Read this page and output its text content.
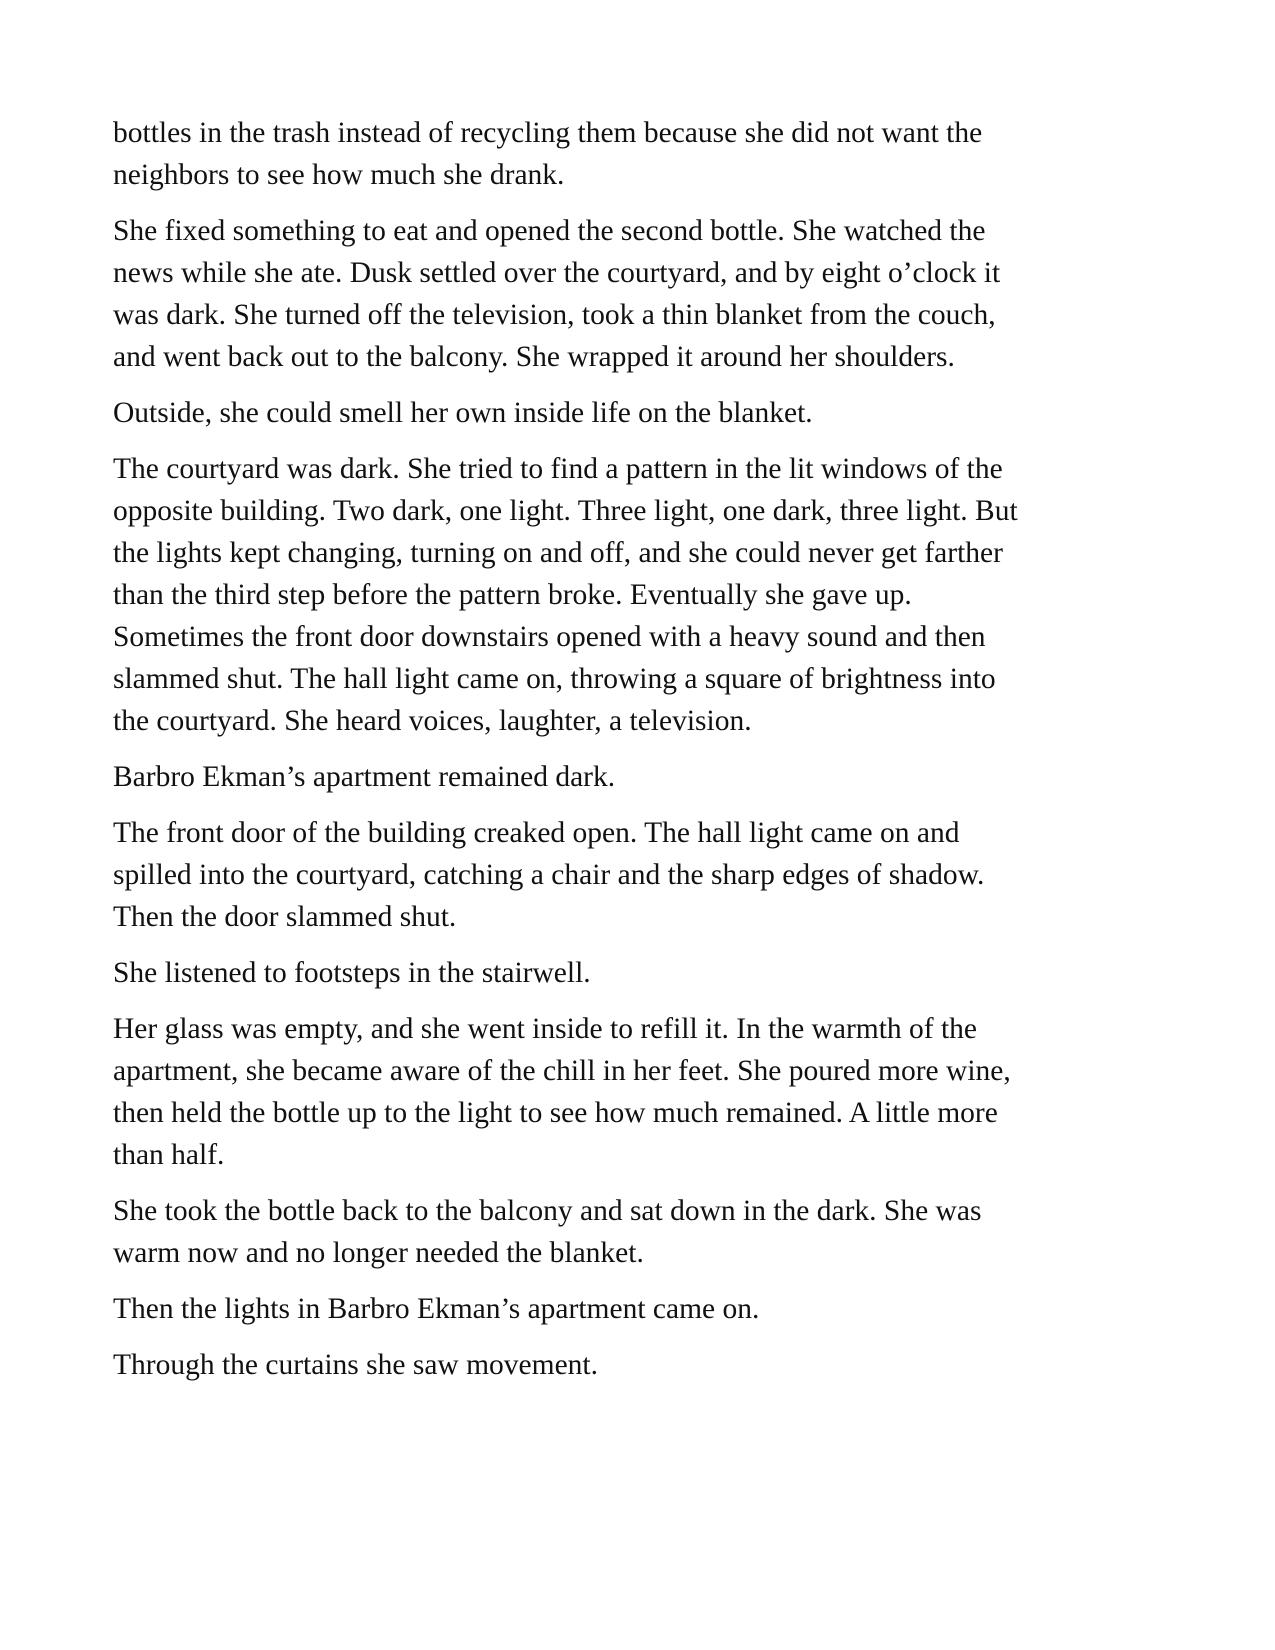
bottles in the trash instead of recycling them because she did not want the
neighbors to see how much she drank.

She fixed something to eat and opened the second bottle. She watched the
news while she ate. Dusk settled over the courtyard, and by eight o’clock it
was dark. She turned off the television, took a thin blanket from the couch,
and went back out to the balcony. She wrapped it around her shoulders.

Outside, she could smell her own inside life on the blanket.

The courtyard was dark. She tried to find a pattern in the lit windows of the
opposite building. Two dark, one light. Three light, one dark, three light. But
the lights kept changing, turning on and off, and she could never get farther
than the third step before the pattern broke. Eventually she gave up.
Sometimes the front door downstairs opened with a heavy sound and then
slammed shut. The hall light came on, throwing a square of brightness into
the courtyard. She heard voices, laughter, a television.

Barbro Ekman’s apartment remained dark.

The front door of the building creaked open. The hall light came on and
spilled into the courtyard, catching a chair and the sharp edges of shadow.
Then the door slammed shut.

She listened to footsteps in the stairwell.

Her glass was empty, and she went inside to refill it. In the warmth of the
apartment, she became aware of the chill in her feet. She poured more wine,
then held the bottle up to the light to see how much remained. A little more
than half.

She took the bottle back to the balcony and sat down in the dark. She was
warm now and no longer needed the blanket.

Then the lights in Barbro Ekman’s apartment came on.

Through the curtains she saw movement.
